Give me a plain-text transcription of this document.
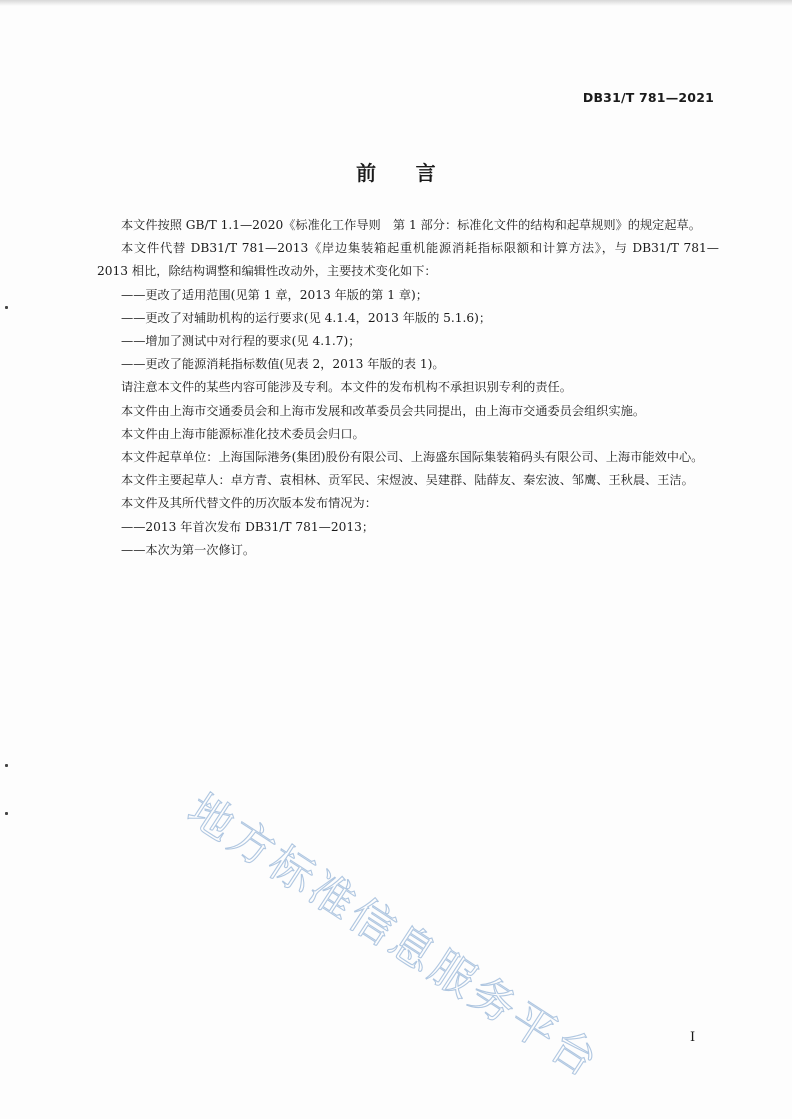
DB31/T 781—2021
前 言

本文件按照 GB/T 1.1—2020《标准化工作导则　第 1 部分：标准化文件的结构和起草规则》的规定起草。

本文件代替 DB31/T 781—2013《岸边集装箱起重机能源消耗指标限额和计算方法》，与 DB31/T 781—2013 相比，除结构调整和编辑性改动外，主要技术变化如下：

——更改了适用范围(见第 1 章，2013 年版的第 1 章)；

——更改了对辅助机构的运行要求(见 4.1.4，2013 年版的 5.1.6)；

——增加了测试中对行程的要求(见 4.1.7)；

——更改了能源消耗指标数值(见表 2，2013 年版的表 1)。

请注意本文件的某些内容可能涉及专利。本文件的发布机构不承担识别专利的责任。

本文件由上海市交通委员会和上海市发展和改革委员会共同提出，由上海市交通委员会组织实施。

本文件由上海市能源标准化技术委员会归口。

本文件起草单位：上海国际港务(集团)股份有限公司、上海盛东国际集装箱码头有限公司、上海市能效中心。

本文件主要起草人：卓方青、袁相林、贡军民、宋煜波、吴建群、陆薛友、秦宏波、邹鹰、王秋晨、王洁。

本文件及其所代替文件的历次版本发布情况为：

——2013 年首次发布 DB31/T 781—2013；

——本次为第一次修订。

地方标准信息服务平台	I
